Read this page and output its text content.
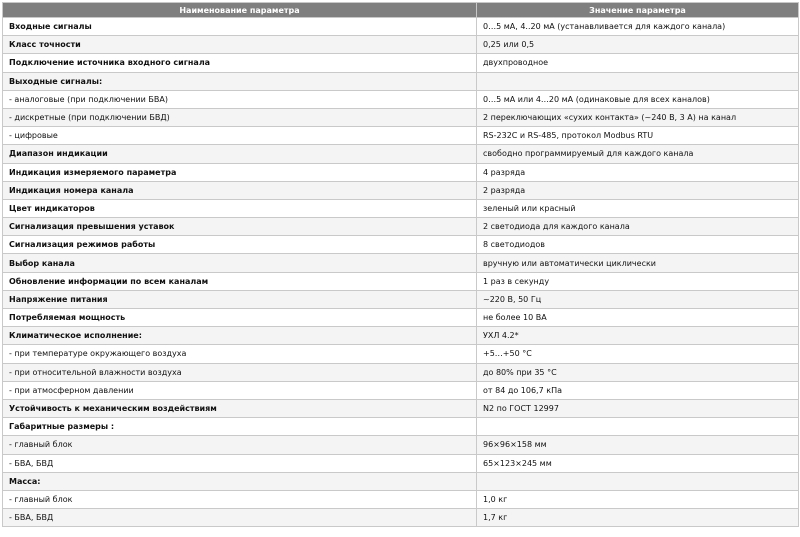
Наименование параметра	Значение параметра
Входные сигналы	0…5 мА, 4..20 мА (устанавливается для каждого канала)
Класс точности	0,25 или 0,5
Подключение источника входного сигнала	двухпроводное
Выходные сигналы:	
- аналоговые (при подключении БВА)	0…5 мА или 4…20 мА (одинаковые для всех каналов)
- дискретные (при подключении БВД)	2 переключающих «сухих контакта» (~240 В, 3 А) на канал
- цифровые	RS-232C и RS-485, протокол Modbus RTU
Диапазон индикации	свободно программируемый для каждого канала
Индикация измеряемого параметра	4 разряда
Индикация номера канала	2 разряда
Цвет индикаторов	зеленый или красный
Сигнализация превышения уставок	2 светодиода для каждого канала
Сигнализация режимов работы	8 светодиодов
Выбор канала	вручную или автоматически циклически
Обновление информации по всем каналам	1 раз в секунду
Напряжение питания	~220 В, 50 Гц
Потребляемая мощность	не более 10 ВА
Климатическое исполнение:	УХЛ 4.2*
- при температуре окружающего воздуха	+5…+50 °С
- при относительной влажности воздуха	до 80% при 35 °С
- при атмосферном давлении	от 84 до 106,7 кПа
Устойчивость к механическим воздействиям	N2 по ГОСТ 12997
Габаритные размеры :	
- главный блок	96×96×158 мм
- БВА, БВД	65×123×245 мм
Масса:	
- главный блок	1,0 кг
- БВА, БВД	1,7 кг
